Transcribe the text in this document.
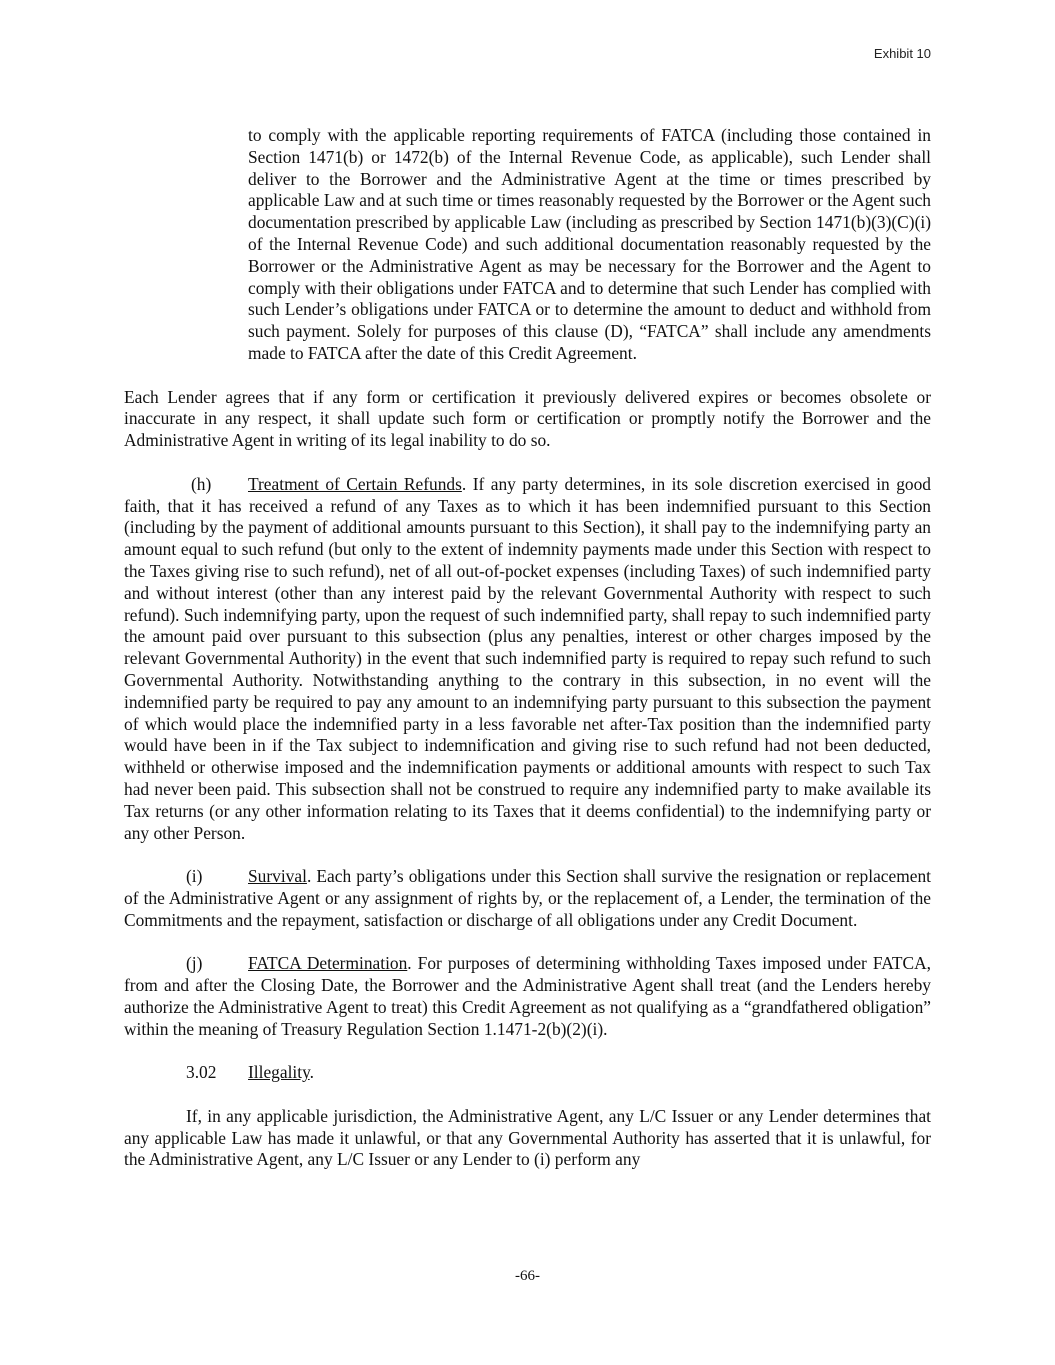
Exhibit 10

to comply with the applicable reporting requirements of FATCA (including those contained in Section 1471(b) or 1472(b) of the Internal Revenue Code, as applicable), such Lender shall deliver to the Borrower and the Administrative Agent at the time or times prescribed by applicable Law and at such time or times reasonably requested by the Borrower or the Agent such documentation prescribed by applicable Law (including as prescribed by Section 1471(b)(3)(C)(i) of the Internal Revenue Code) and such additional documentation reasonably requested by the Borrower or the Administrative Agent as may be necessary for the Borrower and the Agent to comply with their obligations under FATCA and to determine that such Lender has complied with such Lender’s obligations under FATCA or to determine the amount to deduct and withhold from such payment. Solely for purposes of this clause (D), “FATCA” shall include any amendments made to FATCA after the date of this Credit Agreement.

Each Lender agrees that if any form or certification it previously delivered expires or becomes obsolete or inaccurate in any respect, it shall update such form or certification or promptly notify the Borrower and the Administrative Agent in writing of its legal inability to do so.

(h) Treatment of Certain Refunds. If any party determines, in its sole discretion exercised in good faith, that it has received a refund of any Taxes as to which it has been indemnified pursuant to this Section (including by the payment of additional amounts pursuant to this Section), it shall pay to the indemnifying party an amount equal to such refund (but only to the extent of indemnity payments made under this Section with respect to the Taxes giving rise to such refund), net of all out-of-pocket expenses (including Taxes) of such indemnified party and without interest (other than any interest paid by the relevant Governmental Authority with respect to such refund). Such indemnifying party, upon the request of such indemnified party, shall repay to such indemnified party the amount paid over pursuant to this subsection (plus any penalties, interest or other charges imposed by the relevant Governmental Authority) in the event that such indemnified party is required to repay such refund to such Governmental Authority. Notwithstanding anything to the contrary in this subsection, in no event will the indemnified party be required to pay any amount to an indemnifying party pursuant to this subsection the payment of which would place the indemnified party in a less favorable net after-Tax position than the indemnified party would have been in if the Tax subject to indemnification and giving rise to such refund had not been deducted, withheld or otherwise imposed and the indemnification payments or additional amounts with respect to such Tax had never been paid. This subsection shall not be construed to require any indemnified party to make available its Tax returns (or any other information relating to its Taxes that it deems confidential) to the indemnifying party or any other Person.

(i)	Survival. Each party’s obligations under this Section shall survive the resignation or replacement of the Administrative Agent or any assignment of rights by, or the replacement of, a Lender, the termination of the Commitments and the repayment, satisfaction or discharge of all obligations under any Credit Document.

(j)	FATCA Determination. For purposes of determining withholding Taxes imposed under FATCA, from and after the Closing Date, the Borrower and the Administrative Agent shall treat (and the Lenders hereby authorize the Administrative Agent to treat) this Credit Agreement as not qualifying as a “grandfathered obligation” within the meaning of Treasury Regulation Section 1.1471-2(b)(2)(i).

3.02 Illegality.

If, in any applicable jurisdiction, the Administrative Agent, any L/C Issuer or any Lender determines that any applicable Law has made it unlawful, or that any Governmental Authority has asserted that it is unlawful, for the Administrative Agent, any L/C Issuer or any Lender to (i) perform any

-66-
